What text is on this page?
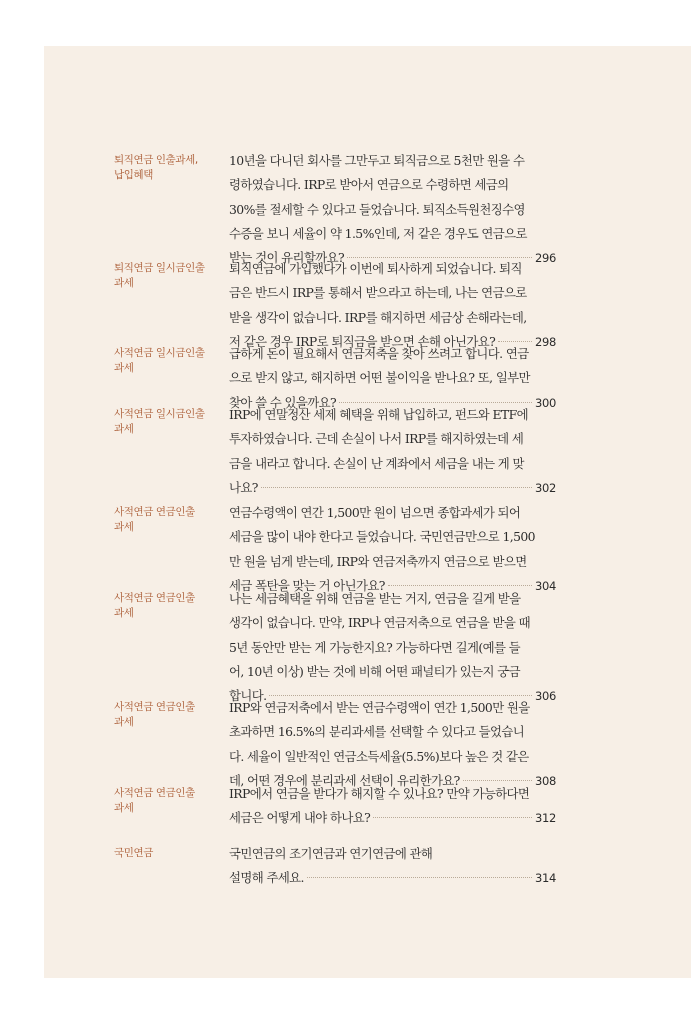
퇴직연금 인출과세,
납입혜택
10년을 다니던 회사를 그만두고 퇴직금으로 5천만 원을 수
령하였습니다. IRP로 받아서 연금으로 수령하면 세금의
30%를 절세할 수 있다고 들었습니다. 퇴직소득원천징수영
수증을 보니 세율이 약 1.5%인데, 저 같은 경우도 연금으로
받는 것이 유리할까요?	296
퇴직연금 일시금인출
과세
퇴직연금에 가입했다가 이번에 퇴사하게 되었습니다. 퇴직
금은 반드시 IRP를 통해서 받으라고 하는데, 나는 연금으로
받을 생각이 없습니다. IRP를 해지하면 세금상 손해라는데,
저 같은 경우 IRP로 퇴직금을 받으면 손해 아닌가요?	298
사적연금 일시금인출
과세
급하게 돈이 필요해서 연금저축을 찾아 쓰려고 합니다. 연금
으로 받지 않고, 해지하면 어떤 불이익을 받나요? 또, 일부만
찾아 쓸 수 있을까요?	300
사적연금 일시금인출
과세
IRP에 연말정산 세제 혜택을 위해 납입하고, 펀드와 ETF에
투자하였습니다. 근데 손실이 나서 IRP를 해지하였는데 세
금을 내라고 합니다. 손실이 난 계좌에서 세금을 내는 게 맞
나요?	302
사적연금 연금인출
과세
연금수령액이 연간 1,500만 원이 넘으면 종합과세가 되어
세금을 많이 내야 한다고 들었습니다. 국민연금만으로 1,500
만 원을 넘게 받는데, IRP와 연금저축까지 연금으로 받으면
세금 폭탄을 맞는 거 아닌가요?	304
사적연금 연금인출
과세
나는 세금혜택을 위해 연금을 받는 거지, 연금을 길게 받을
생각이 없습니다. 만약, IRP나 연금저축으로 연금을 받을 때
5년 동안만 받는 게 가능한지요? 가능하다면 길게(예를 들
어, 10년 이상) 받는 것에 비해 어떤 패널티가 있는지 궁금
합니다.	306
사적연금 연금인출
과세
IRP와 연금저축에서 받는 연금수령액이 연간 1,500만 원을
초과하면 16.5%의 분리과세를 선택할 수 있다고 들었습니
다. 세율이 일반적인 연금소득세율(5.5%)보다 높은 것 같은
데, 어떤 경우에 분리과세 선택이 유리한가요?	308
사적연금 연금인출
과세
IRP에서 연금을 받다가 해지할 수 있나요? 만약 가능하다면
세금은 어떻게 내야 하나요?	312
국민연금	국민연금의 조기연금과 연기연금에 관해
설명해 주세요.	314
